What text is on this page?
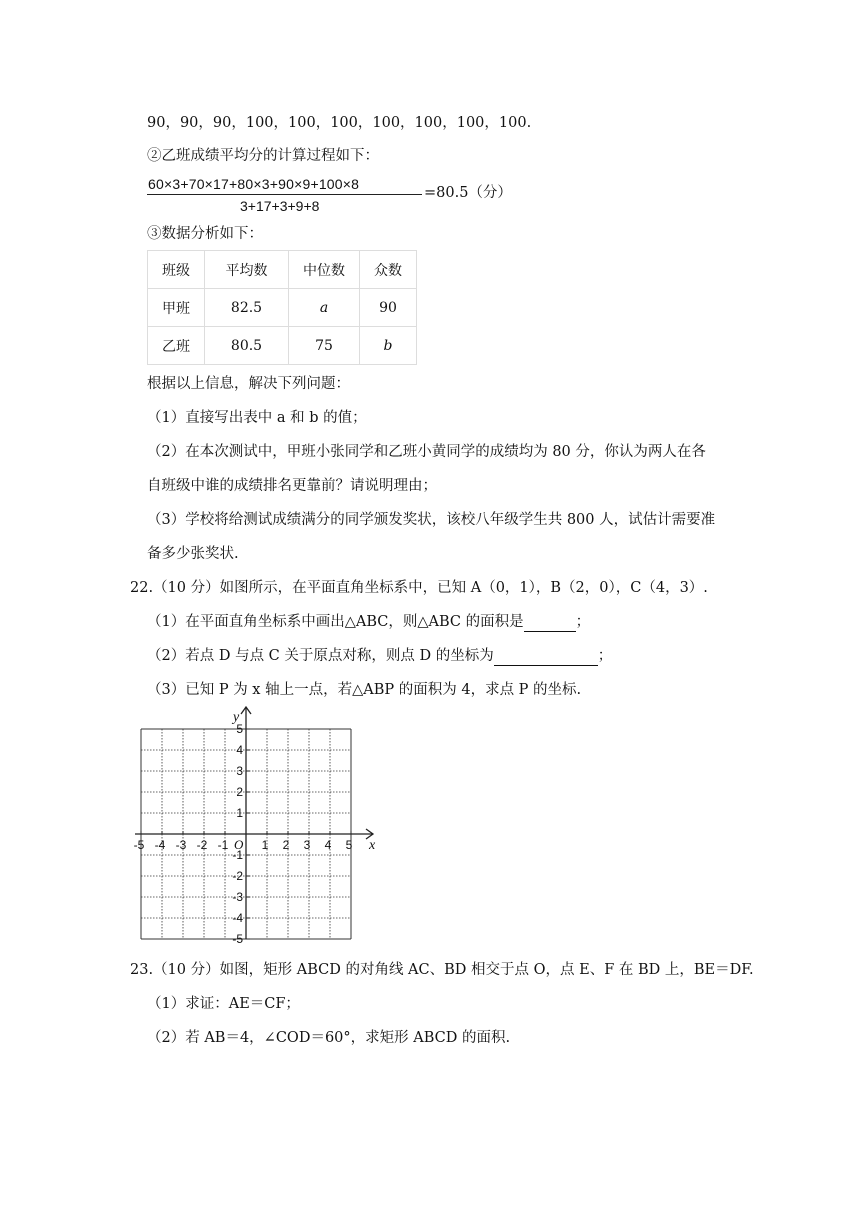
90，90，90，100，100，100，100，100，100，100.
②乙班成绩平均分的计算过程如下：
60×3+70×17+80×3+90×9+100×8
3+17+3+9+8
=80.5（分）
③数据分析如下：
班级	平均数	中位数	众数
甲班	82.5	a	90
乙班	80.5	75	b
根据以上信息，解决下列问题：
（1）直接写出表中 a 和 b 的值；
（2）在本次测试中，甲班小张同学和乙班小黄同学的成绩均为 80 分，你认为两人在各
自班级中谁的成绩排名更靠前？请说明理由；
（3）学校将给测试成绩满分的同学颁发奖状，该校八年级学生共 800 人，试估计需要准
备多少张奖状.
22.（10 分）如图所示，在平面直角坐标系中，已知 A（0，1），B（2，0），C（4，3）.
（1）在平面直角坐标系中画出△ABC，则△ABC 的面积是	；
（2）若点 D 与点 C 关于原点对称，则点 D 的坐标为	；
（3）已知 P 为 x 轴上一点，若△ABP 的面积为 4，求点 P 的坐标.
-5 -4 -3 -2 -1	1 2 3 4 5
5
4
3
2
1
-1
-2
-3
-4
-5
O	x
y
23.（10 分）如图，矩形 ABCD 的对角线 AC、BD 相交于点 O，点 E、F 在 BD 上，BE＝DF.
（1）求证：AE＝CF；
（2）若 AB＝4，∠COD＝60°，求矩形 ABCD 的面积.
